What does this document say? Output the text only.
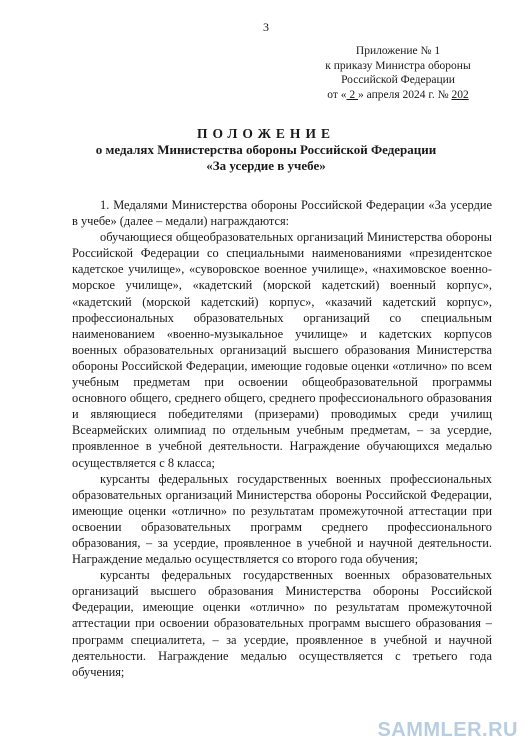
3
Приложение № 1
к приказу Министра обороны
Российской Федерации
от « 2 » апреля 2024 г. № 202
ПОЛОЖЕНИЕ
о медалях Министерства обороны Российской Федерации
«За усердие в учебе»

1. Медалями Министерства обороны Российской Федерации «За усердие в учебе» (далее – медали) награждаются:

обучающиеся общеобразовательных организаций Министерства обороны Российской Федерации со специальными наименованиями «президентское кадетское училище», «суворовское военное училище», «нахимовское военно-морское училище», «кадетский (морской кадетский) военный корпус», «кадетский (морской кадетский) корпус», «казачий кадетский корпус», профессиональных образовательных организаций со специальным наименованием «военно-музыкальное училище» и кадетских корпусов военных образовательных организаций высшего образования Министерства обороны Российской Федерации, имеющие годовые оценки «отлично» по всем учебным предметам при освоении общеобразовательной программы основного общего, среднего общего, среднего профессионального образования и являющиеся победителями (призерами) проводимых среди училищ Всеармейских олимпиад по отдельным учебным предметам, – за усердие, проявленное в учебной деятельности. Награждение обучающихся медалью осуществляется с 8 класса;

курсанты федеральных государственных военных профессиональных образовательных организаций Министерства обороны Российской Федерации, имеющие оценки «отлично» по результатам промежуточной аттестации при освоении образовательных программ среднего профессионального образования, – за усердие, проявленное в учебной и научной деятельности. Награждение медалью осуществляется со второго года обучения;

курсанты федеральных государственных военных образовательных организаций высшего образования Министерства обороны Российской Федерации, имеющие оценки «отлично» по результатам промежуточной аттестации при освоении образовательных программ высшего образования – программ специалитета, – за усердие, проявленное в учебной и научной деятельности. Награждение медалью осуществляется с третьего года обучения;

SAMMLER.RU
